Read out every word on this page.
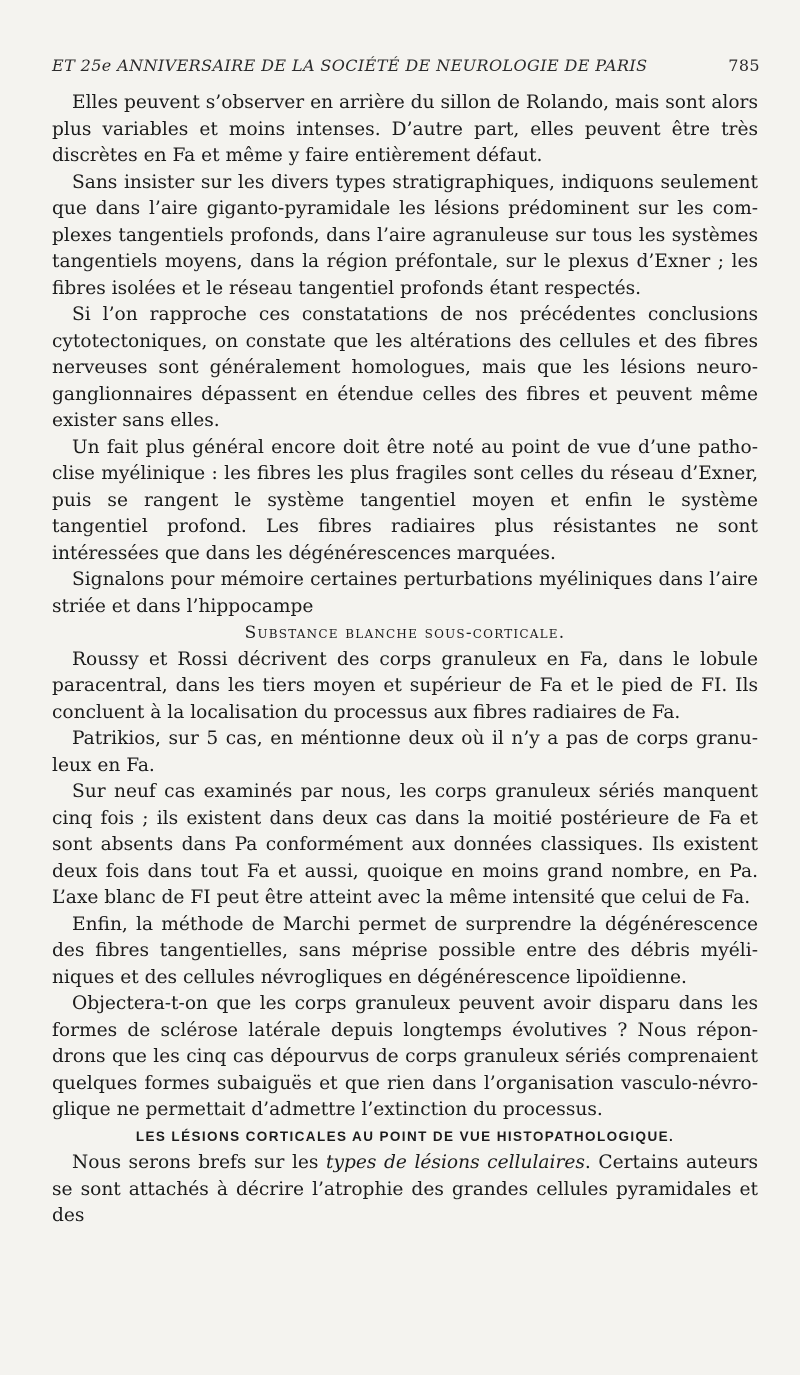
ET 25e ANNIVERSAIRE DE LA SOCIÉTÉ DE NEUROLOGIE DE PARIS	785

Elles peuvent s’observer en arrière du sillon de Rolando, mais sont alors plus variables et moins intenses. D’autre part, elles peuvent être très discrètes en Fa et même y faire entièrement défaut.

Sans insister sur les divers types stratigraphiques, indiquons seulement que dans l’aire giganto-pyramidale les lésions prédominent sur les complexes tangentiels profonds, dans l’aire agranuleuse sur tous les systèmes tangentiels moyens, dans la région préfontale, sur le plexus d’Exner ; les fibres isolées et le réseau tangentiel profonds étant respectés.

Si l’on rapproche ces constatations de nos précédentes conclusions cytotectoniques, on constate que les altérations des cellules et des fibres nerveuses sont généralement homologues, mais que les lésions neuroganglionnaires dépassent en étendue celles des fibres et peuvent même exister sans elles.

Un fait plus général encore doit être noté au point de vue d’une pathoclise myélinique : les fibres les plus fragiles sont celles du réseau d’Exner, puis se rangent le système tangentiel moyen et enfin le système tangentiel profond. Les fibres radiaires plus résistantes ne sont intéressées que dans les dégénérescences marquées.

Signalons pour mémoire certaines perturbations myéliniques dans l’aire striée et dans l’hippocampe

Substance blanche sous-corticale.

Roussy et Rossi décrivent des corps granuleux en Fa, dans le lobule paracentral, dans les tiers moyen et supérieur de Fa et le pied de FI. Ils concluent à la localisation du processus aux fibres radiaires de Fa.

Patrikios, sur 5 cas, en méntionne deux où il n’y a pas de corps granuleux en Fa.

Sur neuf cas examinés par nous, les corps granuleux sériés manquent cinq fois ; ils existent dans deux cas dans la moitié postérieure de Fa et sont absents dans Pa conformément aux données classiques. Ils existent deux fois dans tout Fa et aussi, quoique en moins grand nombre, en Pa. L’axe blanc de FI peut être atteint avec la même intensité que celui de Fa.

Enfin, la méthode de Marchi permet de surprendre la dégénérescence des fibres tangentielles, sans méprise possible entre des débris myéliniques et des cellules névrogliques en dégénérescence lipoïdienne.

Objectera-t-on que les corps granuleux peuvent avoir disparu dans les formes de sclérose latérale depuis longtemps évolutives ? Nous répondrons que les cinq cas dépourvus de corps granuleux sériés comprenaient quelques formes subaiguës et que rien dans l’organisation vasculo-névroglique ne permettait d’admettre l’extinction du processus.

LES LÉSIONS CORTICALES AU POINT DE VUE HISTOPATHOLOGIQUE.

Nous serons brefs sur les types de lésions cellulaires. Certains auteurs se sont attachés à décrire l’atrophie des grandes cellules pyramidales et des
